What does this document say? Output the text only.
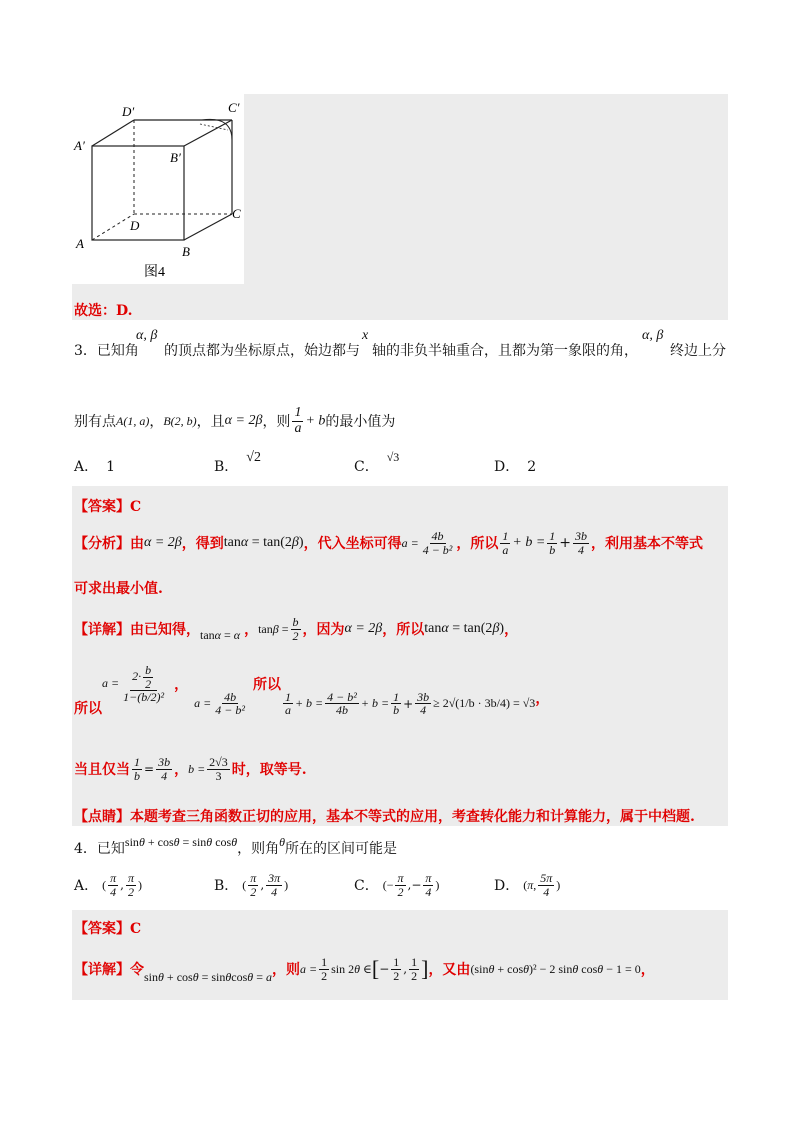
D′	C′
A′
B′
D
C
A
B
图4
故选：D.
3．已知角
α, β
的顶点都为坐标原点，始边都与
x
轴的非负半轴重合，且都为第一象限的角，
α, β
终边上分
别有点 A(1, a) ， B(2, b) ，且 α = 2β ，则 $\frac{1}{a} + b$ 的最小值为
A． 1	B．√2
C．√3
D． 2
【答案】C
【分析】 由 α = 2β ，得到 tanα = tan(2β) ，代入坐标可得 $a = \frac{4b}{\text{4 − b²}}$ ，所以 $\frac{1}{a} + b = \frac{1}{b} + \frac{3b}{4}$ ，利用基本不等式
可求出最小值.
【详解】 由已知得， tanα = α ， $\tan\beta = \frac{b}{2}$ ，因为 α = 2β ，所以 tanα = tan(2β) ，
所以
$a = \frac{2\cdot \frac{b}{2}}{\text{1−(b/2)²}}$ ，
$a = \frac{4b}{\text{4 − b²}}$
所以
$\frac{1}{a} + b = \frac{\text{4 − b²}}{4b} + b = \frac{1}{b} + \frac{3b}{4} \ge 2√(1/b \cdot 3b/4) = √3$ ，
当且仅当 $\frac{1}{b} = \frac{3b}{4}$ ， $b = \frac{2√3}{3}$ 时，取等号.
【点睛】本题考查三角函数正切的应用，基本不等式的应用，考查转化能力和计算能力，属于中档题.
4． 已知 sinθ + cosθ = sinθ cosθ ，则角 θ 所在的区间可能是
A． ( $\frac{\pi}{4}$ , $\frac{\pi}{2}$ )	B． ( $\frac{\pi}{2}$ , $\frac{3\pi}{4}$ )	C． (− $\frac{\pi}{2}$ ,− $\frac{\pi}{4}$ )	D． (π, $\frac{5\pi}{4}$ )
【答案】C
【详解】 令 sinθ + cosθ = sinθcosθ = a ，则 $a = \frac{1}{2}$ sin 2θ ∈ [ − $\frac{1}{2}$ , $\frac{1}{2}$ ] ，又由 (sinθ + cosθ)² − 2 sinθ cosθ − 1 = 0 ，
